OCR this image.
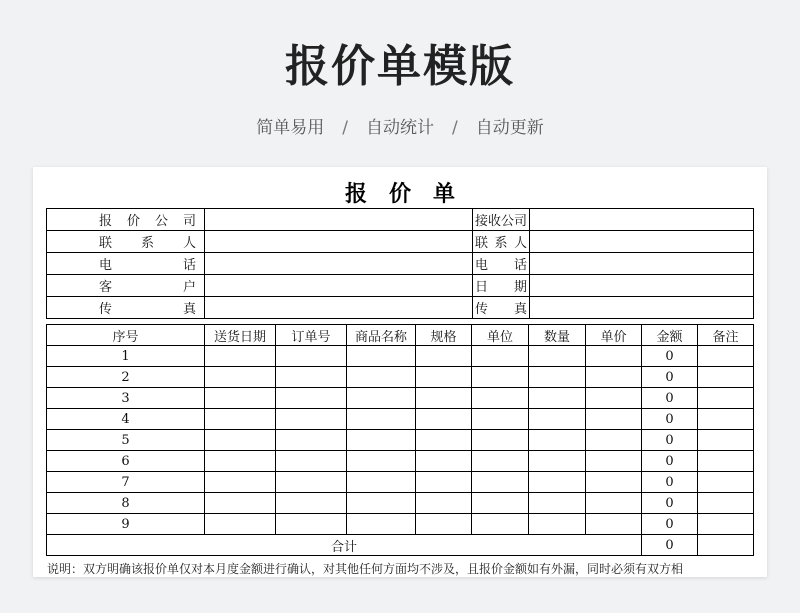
报价单模版
简单易用 / 自动统计 / 自动更新
报　价　单
报价公司		接收公司	
联系人		联系人	
电话		电话	
客户		日期	
传真		传真	
序号	送货日期	订单号	商品名称	规格	单位	数量	单价	金额	备注
1								0	
2								0	
3								0	
4								0	
5								0	
6								0	
7								0	
8								0	
9								0	
合计								0	
说明：双方明确该报价单仅对本月度金额进行确认，对其他任何方面均不涉及，且报价金额如有外漏，同时必须有双方相
